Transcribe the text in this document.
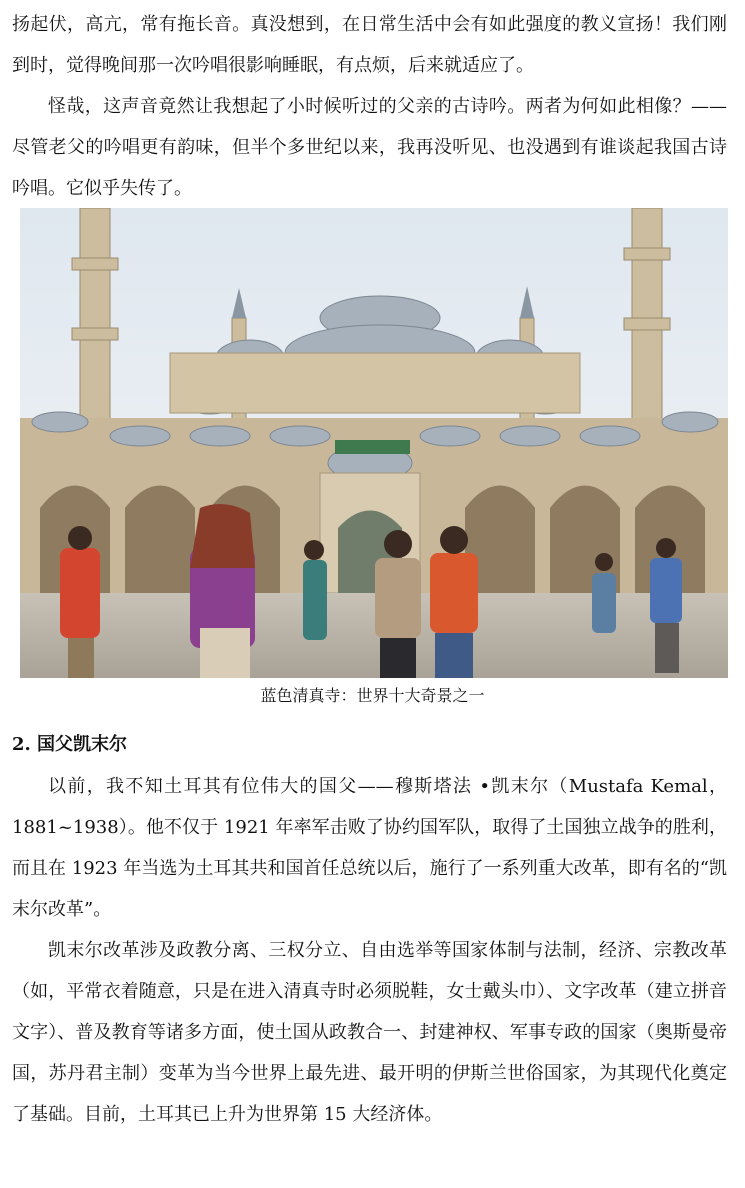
扬起伏，高亢，常有拖长音。真没想到，在日常生活中会有如此强度的教义宣扬！我们刚到时，觉得晚间那一次吟唱很影响睡眠，有点烦，后来就适应了。

怪哉，这声音竟然让我想起了小时候听过的父亲的古诗吟。两者为何如此相像？——尽管老父的吟唱更有韵味，但半个多世纪以来，我再没听见、也没遇到有谁谈起我国古诗吟唱。它似乎失传了。

蓝色清真寺：世界十大奇景之一
2. 国父凯末尔

以前，我不知土耳其有位伟大的国父——穆斯塔法 •凯末尔（Mustafa Kemal，1881~1938）。他不仅于 1921 年率军击败了协约国军队，取得了土国独立战争的胜利，而且在 1923 年当选为土耳其共和国首任总统以后，施行了一系列重大改革，即有名的“凯末尔改革”。

凯末尔改革涉及政教分离、三权分立、自由选举等国家体制与法制，经济、宗教改革（如，平常衣着随意，只是在进入清真寺时必须脱鞋，女士戴头巾）、文字改革（建立拼音文字）、普及教育等诸多方面，使土国从政教合一、封建神权、军事专政的国家（奥斯曼帝国，苏丹君主制）变革为当今世界上最先进、最开明的伊斯兰世俗国家，为其现代化奠定了基础。目前，土耳其已上升为世界第 15 大经济体。
